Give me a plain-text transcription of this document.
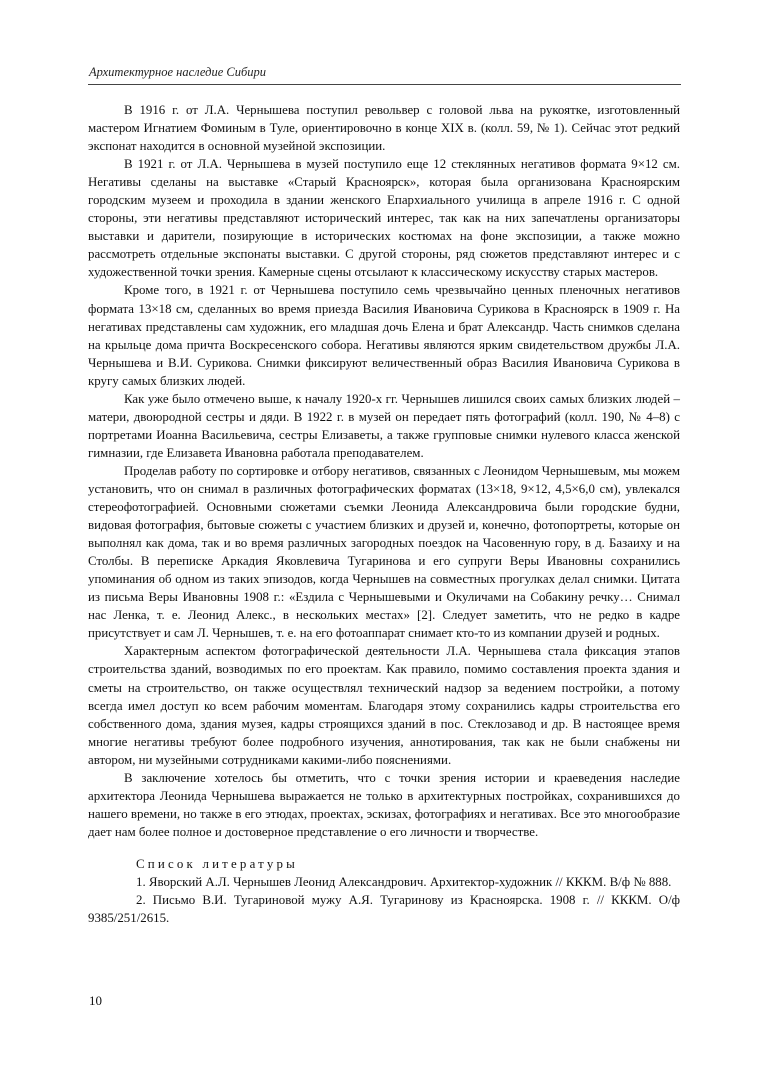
Архитектурное наследие Сибири

В 1916 г. от Л.А. Чернышева поступил револьвер с головой льва на рукоятке, изготовленный мастером Игнатием Фоминым в Туле, ориентировочно в конце XIX в. (колл. 59, № 1). Сейчас этот редкий экспонат находится в основной музейной экспозиции.

В 1921 г. от Л.А. Чернышева в музей поступило еще 12 стеклянных негативов формата 9×12 см. Негативы сделаны на выставке «Старый Красноярск», которая была организована Красноярским городским музеем и проходила в здании женского Епархиального училища в апреле 1916 г. С одной стороны, эти негативы представляют исторический интерес, так как на них запечатлены организаторы выставки и дарители, позирующие в исторических костюмах на фоне экспозиции, а также можно рассмотреть отдельные экспонаты выставки. С другой стороны, ряд сюжетов представляют интерес и с художественной точки зрения. Камерные сцены отсылают к классическому искусству старых мастеров.

Кроме того, в 1921 г. от Чернышева поступило семь чрезвычайно ценных пленочных негативов формата 13×18 см, сделанных во время приезда Василия Ивановича Сурикова в Красноярск в 1909 г. На негативах представлены сам художник, его младшая дочь Елена и брат Александр. Часть снимков сделана на крыльце дома причта Воскресенского собора. Негативы являются ярким свидетельством дружбы Л.А. Чернышева и В.И. Сурикова. Снимки фиксируют величественный образ Василия Ивановича Сурикова в кругу самых близких людей.

Как уже было отмечено выше, к началу 1920-х гг. Чернышев лишился своих самых близких людей – матери, двоюродной сестры и дяди. В 1922 г. в музей он передает пять фотографий (колл. 190, № 4–8) с портретами Иоанна Васильевича, сестры Елизаветы, а также групповые снимки нулевого класса женской гимназии, где Елизавета Ивановна работала преподавателем.

Проделав работу по сортировке и отбору негативов, связанных с Леонидом Чернышевым, мы можем установить, что он снимал в различных фотографических форматах (13×18, 9×12, 4,5×6,0 см), увлекался стереофотографией. Основными сюжетами съемки Леонида Александровича были городские будни, видовая фотография, бытовые сюжеты с участием близких и друзей и, конечно, фотопортреты, которые он выполнял как дома, так и во время различных загородных поездок на Часовенную гору, в д. Базаиху и на Столбы. В переписке Аркадия Яковлевича Тугаринова и его супруги Веры Ивановны сохранились упоминания об одном из таких эпизодов, когда Чернышев на совместных прогулках делал снимки. Цитата из письма Веры Ивановны 1908 г.: «Ездила с Чернышевыми и Окуличами на Собакину речку… Снимал нас Ленка, т. е. Леонид Алекс., в нескольких местах» [2]. Следует заметить, что не редко в кадре присутствует и сам Л. Чернышев, т. е. на его фотоаппарат снимает кто-то из компании друзей и родных.

Характерным аспектом фотографической деятельности Л.А. Чернышева стала фиксация этапов строительства зданий, возводимых по его проектам. Как правило, помимо составления проекта здания и сметы на строительство, он также осуществлял технический надзор за ведением постройки, а потому всегда имел доступ ко всем рабочим моментам. Благодаря этому сохранились кадры строительства его собственного дома, здания музея, кадры строящихся зданий в пос. Стеклозавод и др. В настоящее время многие негативы требуют более подробного изучения, аннотирования, так как не были снабжены ни автором, ни музейными сотрудниками какими-либо пояснениями.

В заключение хотелось бы отметить, что с точки зрения истории и краеведения наследие архитектора Леонида Чернышева выражается не только в архитектурных постройках, сохранившихся до нашего времени, но также в его этюдах, проектах, эскизах, фотографиях и негативах. Все это многообразие дает нам более полное и достоверное представление о его личности и творчестве.

Список литературы

1. Яворский А.Л. Чернышев Леонид Александрович. Архитектор-художник // КККМ. В/ф № 888.

2. Письмо В.И. Тугариновой мужу А.Я. Тугаринову из Красноярска. 1908 г. // КККМ. О/ф 9385/251/2615.

10
